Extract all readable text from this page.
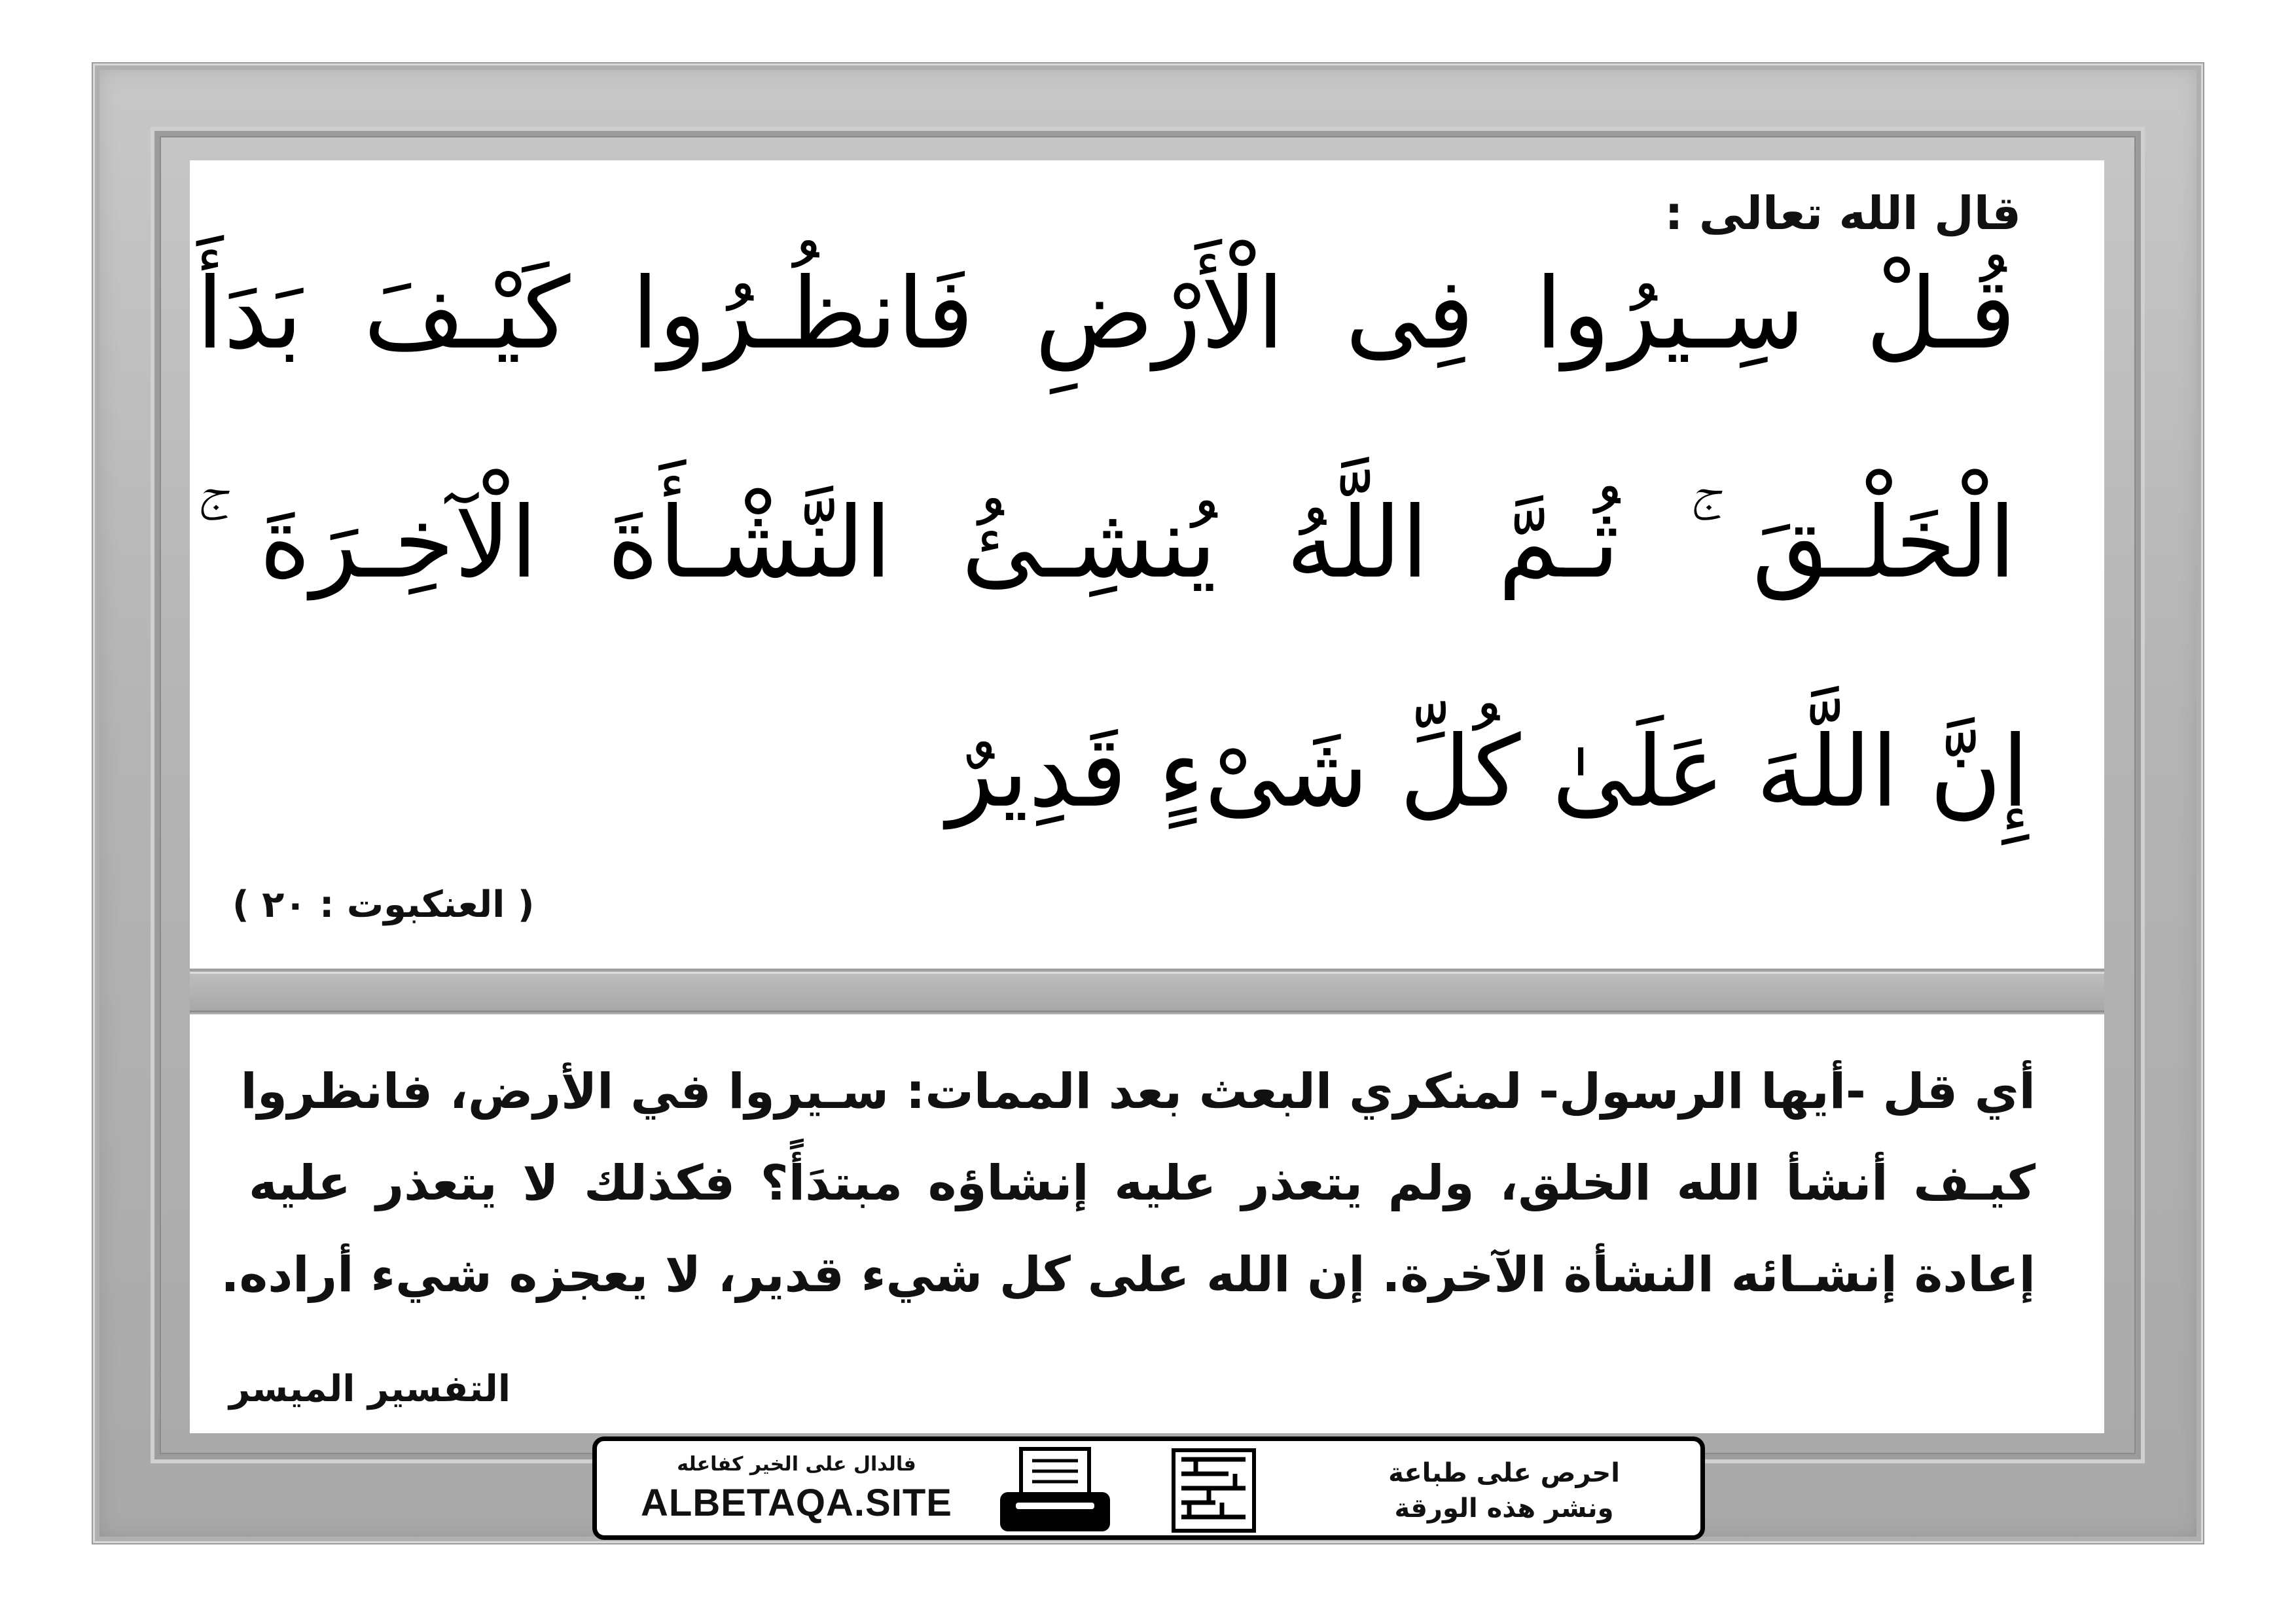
قال الله تعالى :
قُـلْ سِـيرُوا فِى الْأَرْضِ فَانظُـرُوا كَيْـفَ بَدَأَ
الْخَلْـقَ ۚ ثُـمَّ اللَّهُ يُنشِـئُ النَّشْـأَةَ الْآخِـرَةَ ۚ
إِنَّ اللَّهَ عَلَىٰ كُلِّ شَىْءٍ قَدِيرٌ
( العنكبوت : ٢٠ )
أي قل -أيها الرسول- لمنكري البعث بعد الممات: سـيروا في الأرض، فانظروا
كيـف أنشأ الله الخلق، ولم يتعذر عليه إنشاؤه مبتدَأً؟ فكذلك لا يتعذر عليه
إعادة إنشـائه النشأة الآخرة. إن الله على كل شيء قدير، لا يعجزه شيء أراده.
التفسير الميسر
فالدال على الخير كفاعله
ALBETAQA.SITE
احرص على طباعة
ونشر هذه الورقة
